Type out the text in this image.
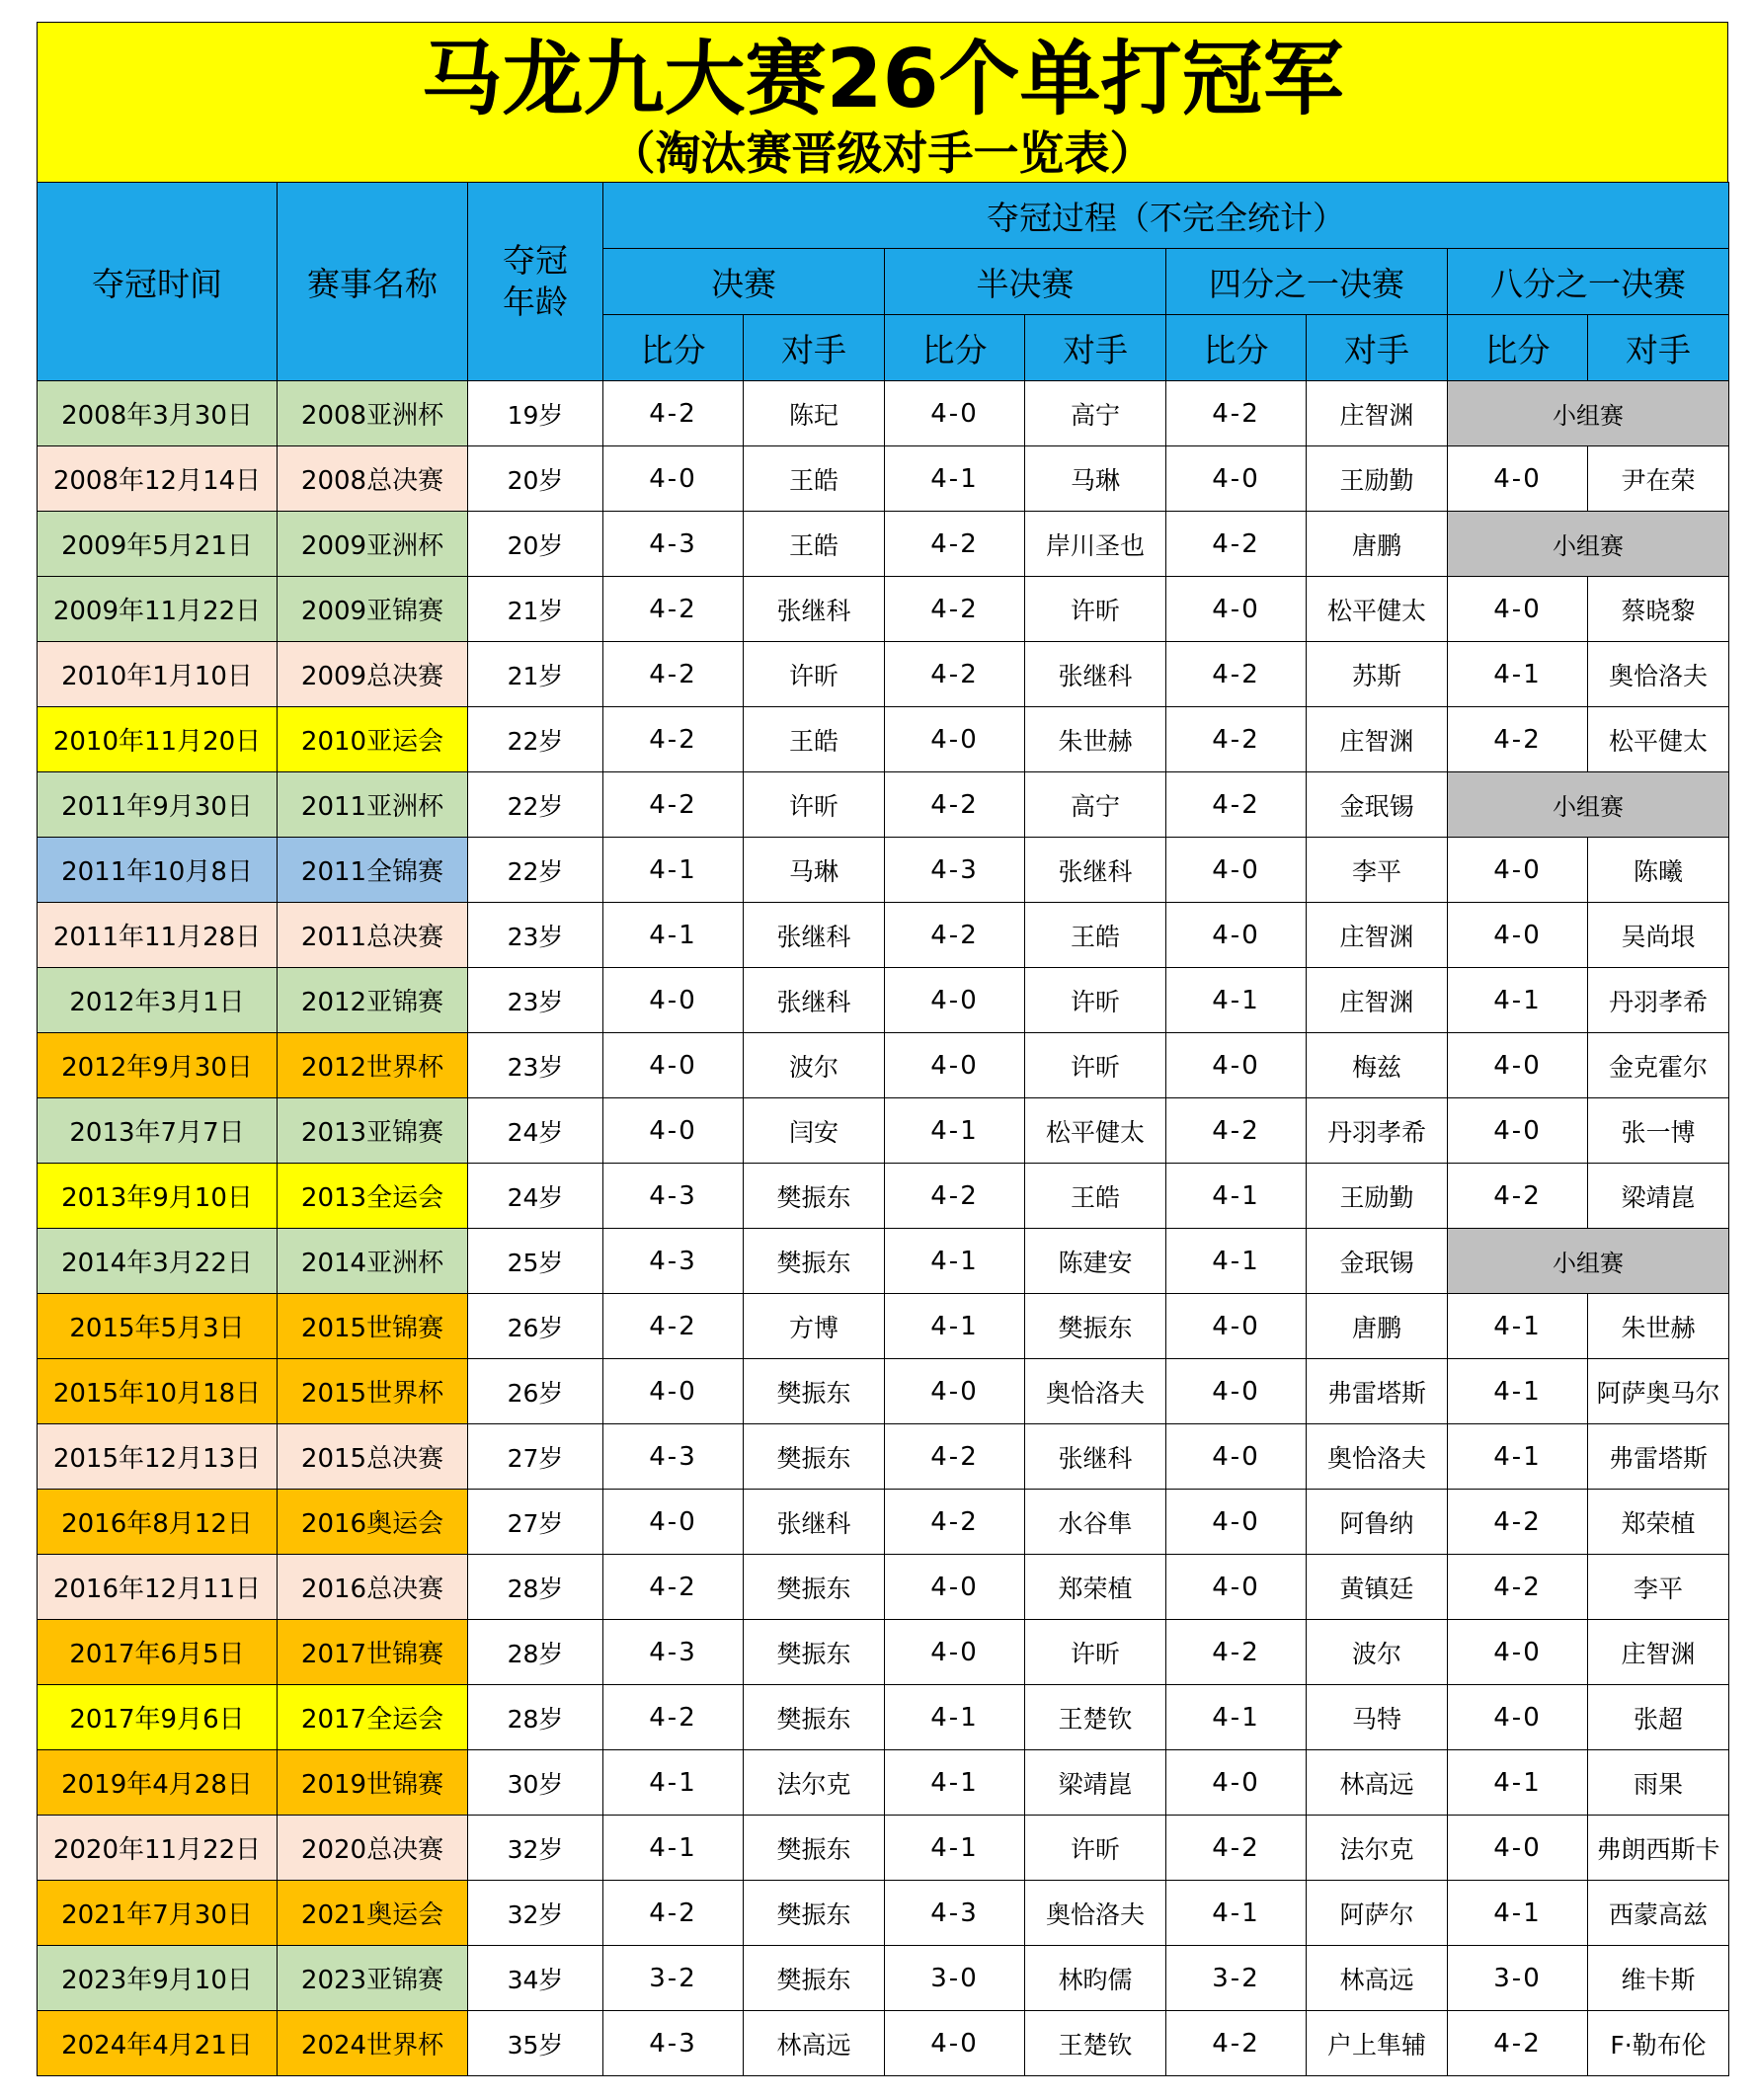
马龙九大赛26个单打冠军
（淘汰赛晋级对手一览表）
夺冠时间	赛事名称	夺冠
年龄	夺冠过程（不完全统计）							
			决赛		半决赛		四分之一决赛		八分之一决赛	
			比分	对手	比分	对手	比分	对手	比分	对手
2008年3月30日	2008亚洲杯	19岁	4-2	陈玘	4-0	高宁	4-2	庄智渊	小组赛	
2008年12月14日	2008总决赛	20岁	4-0	王皓	4-1	马琳	4-0	王励勤	4-0	尹在荣
2009年5月21日	2009亚洲杯	20岁	4-3	王皓	4-2	岸川圣也	4-2	唐鹏	小组赛	
2009年11月22日	2009亚锦赛	21岁	4-2	张继科	4-2	许昕	4-0	松平健太	4-0	蔡晓黎
2010年1月10日	2009总决赛	21岁	4-2	许昕	4-2	张继科	4-2	苏斯	4-1	奥恰洛夫
2010年11月20日	2010亚运会	22岁	4-2	王皓	4-0	朱世赫	4-2	庄智渊	4-2	松平健太
2011年9月30日	2011亚洲杯	22岁	4-2	许昕	4-2	高宁	4-2	金珉锡	小组赛	
2011年10月8日	2011全锦赛	22岁	4-1	马琳	4-3	张继科	4-0	李平	4-0	陈曦
2011年11月28日	2011总决赛	23岁	4-1	张继科	4-2	王皓	4-0	庄智渊	4-0	吴尚垠
2012年3月1日	2012亚锦赛	23岁	4-0	张继科	4-0	许昕	4-1	庄智渊	4-1	丹羽孝希
2012年9月30日	2012世界杯	23岁	4-0	波尔	4-0	许昕	4-0	梅兹	4-0	金克霍尔
2013年7月7日	2013亚锦赛	24岁	4-0	闫安	4-1	松平健太	4-2	丹羽孝希	4-0	张一博
2013年9月10日	2013全运会	24岁	4-3	樊振东	4-2	王皓	4-1	王励勤	4-2	梁靖崑
2014年3月22日	2014亚洲杯	25岁	4-3	樊振东	4-1	陈建安	4-1	金珉锡	小组赛	
2015年5月3日	2015世锦赛	26岁	4-2	方博	4-1	樊振东	4-0	唐鹏	4-1	朱世赫
2015年10月18日	2015世界杯	26岁	4-0	樊振东	4-0	奥恰洛夫	4-0	弗雷塔斯	4-1	阿萨奥马尔
2015年12月13日	2015总决赛	27岁	4-3	樊振东	4-2	张继科	4-0	奥恰洛夫	4-1	弗雷塔斯
2016年8月12日	2016奥运会	27岁	4-0	张继科	4-2	水谷隼	4-0	阿鲁纳	4-2	郑荣植
2016年12月11日	2016总决赛	28岁	4-2	樊振东	4-0	郑荣植	4-0	黄镇廷	4-2	李平
2017年6月5日	2017世锦赛	28岁	4-3	樊振东	4-0	许昕	4-2	波尔	4-0	庄智渊
2017年9月6日	2017全运会	28岁	4-2	樊振东	4-1	王楚钦	4-1	马特	4-0	张超
2019年4月28日	2019世锦赛	30岁	4-1	法尔克	4-1	梁靖崑	4-0	林高远	4-1	雨果
2020年11月22日	2020总决赛	32岁	4-1	樊振东	4-1	许昕	4-2	法尔克	4-0	弗朗西斯卡
2021年7月30日	2021奥运会	32岁	4-2	樊振东	4-3	奥恰洛夫	4-1	阿萨尔	4-1	西蒙高兹
2023年9月10日	2023亚锦赛	34岁	3-2	樊振东	3-0	林昀儒	3-2	林高远	3-0	维卡斯
2024年4月21日	2024世界杯	35岁	4-3	林高远	4-0	王楚钦	4-2	户上隼辅	4-2	F·勒布伦
